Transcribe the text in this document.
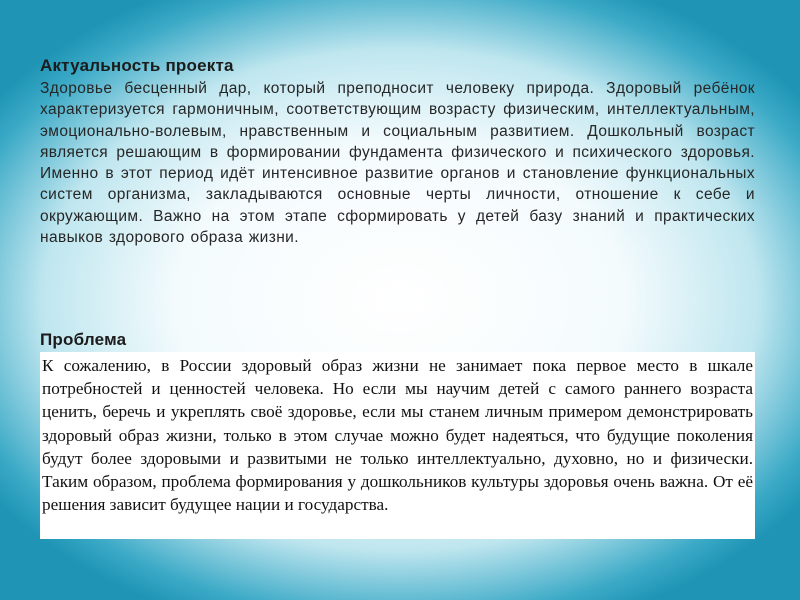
Актуальность проекта

Здоровье бесценный дар, который преподносит человеку природа. Здоровый ребёнок характеризуется гармоничным, соответствующим возрасту физическим, интеллектуальным, эмоционально-волевым, нравственным и социальным развитием. Дошкольный возраст является решающим в формировании фундамента физического и психического здоровья. Именно в этот период идёт интенсивное развитие органов и становление функциональных систем организма, закладываются основные черты личности, отношение к себе и окружающим. Важно на этом этапе сформировать у детей базу знаний и практических навыков здорового образа жизни.

Проблема

К сожалению, в России здоровый образ жизни не занимает пока первое место в шкале потребностей и ценностей человека. Но если мы научим детей с самого раннего возраста ценить, беречь и укреплять своё здоровье, если мы станем личным примером демонстрировать здоровый образ жизни, только в этом случае можно будет надеяться, что будущие поколения будут более здоровыми и развитыми не только интеллектуально, духовно, но и физически. Таким образом, проблема формирования у дошкольников культуры здоровья очень важна. От её решения зависит будущее нации и государства.
